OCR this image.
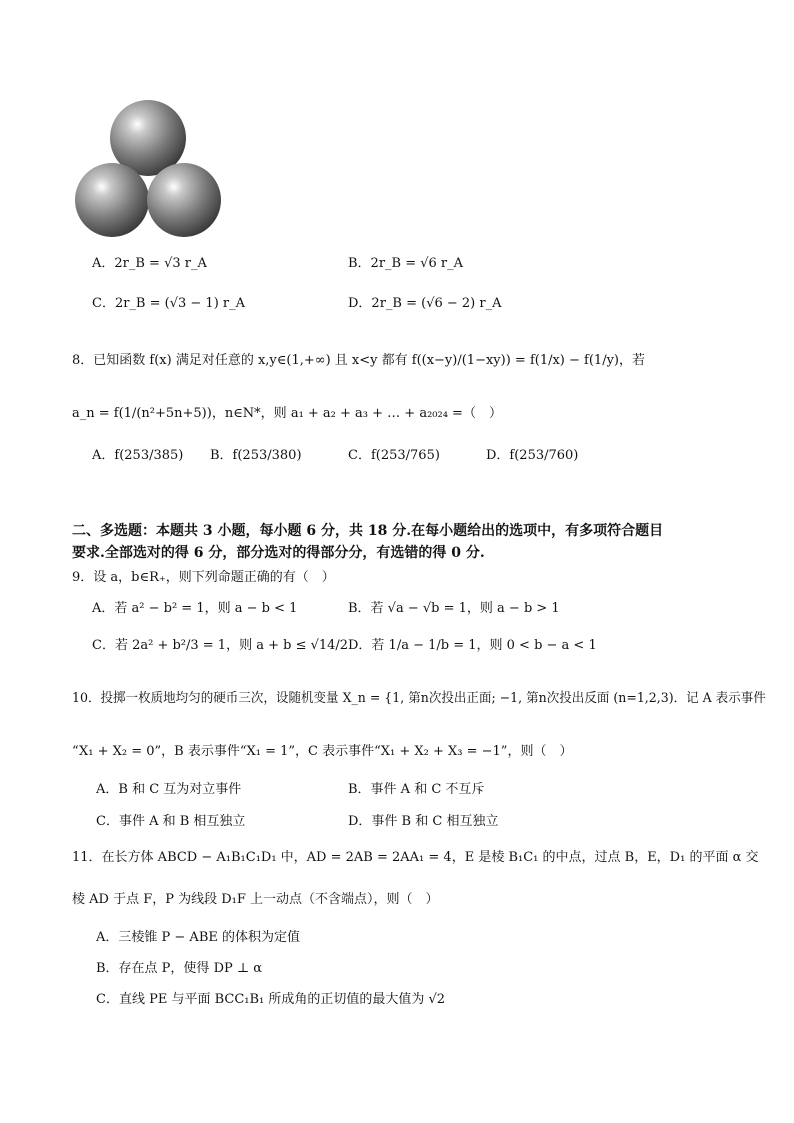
A．2r_B = √3 r_A	B．2r_B = √6 r_A
C．2r_B = (√3 − 1) r_A	D．2r_B = (√6 − 2) r_A
8．已知函数 f(x) 满足对任意的 x,y∈(1,+∞) 且 x<y 都有 f((x−y)/(1−xy)) = f(1/x) − f(1/y)，若
a_n = f(1/(n²+5n+5))，n∈N*，则 a₁ + a₂ + a₃ + … + a₂₀₂₄ =（　）
A．f(253/385) B．f(253/380)	C．f(253/765)	D．f(253/760)
二、多选题：本题共 3 小题，每小题 6 分，共 18 分.在每小题给出的选项中，有多项符合题目
要求.全部选对的得 6 分，部分选对的得部分分，有选错的得 0 分.
9．设 a，b∈R₊，则下列命题正确的有（　）
A．若 a² − b² = 1，则 a − b < 1	B．若 √a − √b = 1，则 a − b > 1
C．若 2a² + b²/3 = 1，则 a + b ≤ √14/2 D．若 1/a − 1/b = 1，则 0 < b − a < 1
10．投掷一枚质地均匀的硬币三次，设随机变量 X_n = {1, 第n次投出正面; −1, 第n次投出反面 (n=1,2,3)．记 A 表示事件
“X₁ + X₂ = 0”，B 表示事件“X₁ = 1”，C 表示事件“X₁ + X₂ + X₃ = −1”，则（　）
A．B 和 C 互为对立事件	B．事件 A 和 C 不互斥
C．事件 A 和 B 相互独立	D．事件 B 和 C 相互独立
11．在长方体 ABCD − A₁B₁C₁D₁ 中，AD = 2AB = 2AA₁ = 4，E 是棱 B₁C₁ 的中点，过点 B，E，D₁ 的平面 α 交
棱 AD 于点 F，P 为线段 D₁F 上一动点（不含端点），则（　）
A．三棱锥 P − ABE 的体积为定值
B．存在点 P，使得 DP ⊥ α
C．直线 PE 与平面 BCC₁B₁ 所成角的正切值的最大值为 √2
